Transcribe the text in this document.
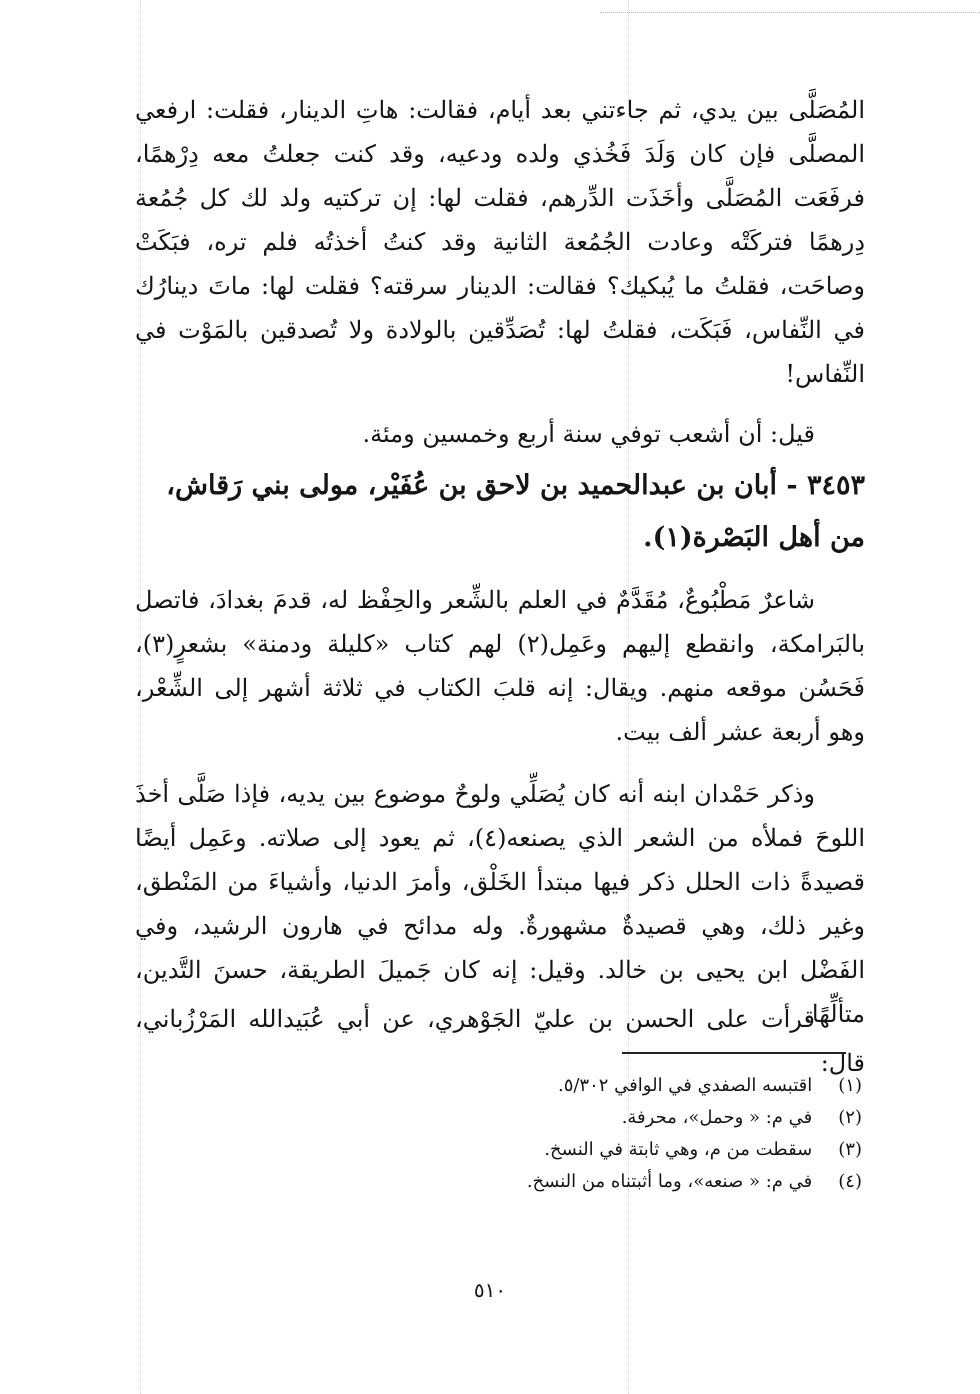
المُصَلَّى بين يدي، ثم جاءتني بعد أيام، فقالت: هاتِ الدينار، فقلت: ارفعي المصلَّى فإن كان وَلَدَ فَخُذي ولده ودعيه، وقد كنت جعلتُ معه دِرْهمًا، فرفَعَت المُصَلَّى وأخَذَت الدِّرهم، فقلت لها: إن تركتيه ولد لك كل جُمُعة دِرهمًا فتركَتْه وعادت الجُمُعة الثانية وقد كنتُ أخذتُه فلم تره، فبَكَتْ وصاحَت، فقلتُ ما يُبكيك؟ فقالت: الدينار سرقته؟ فقلت لها: ماتَ دينارُك في النِّفاس، فَبَكَت، فقلتُ لها: تُصَدِّقين بالولادة ولا تُصدقين بالمَوْت في النِّفاس!

قيل: أن أشعب توفي سنة أربع وخمسين ومئة.

٣٤٥٣ - أبان بن عبدالحميد بن لاحق بن عُفَيْر، مولى بني رَقاش، من أهل البَصْرة(١).

شاعرٌ مَطْبُوعٌ، مُقَدَّمٌ في العلم بالشِّعر والحِفْظ له، قدمَ بغدادَ، فاتصل بالبَرامكة، وانقطع إليهم وعَمِل(٢) لهم كتاب «كليلة ودمنة» بشعرٍ(٣)، فَحَسُن موقعه منهم. ويقال: إنه قلبَ الكتاب في ثلاثة أشهر إلى الشِّعْر، وهو أربعة عشر ألف بيت.

وذكر حَمْدان ابنه أنه كان يُصَلِّي ولوحٌ موضوع بين يديه، فإذا صَلَّى أخذَ اللوحَ فملأه من الشعر الذي يصنعه(٤)، ثم يعود إلى صلاته. وعَمِل أيضًا قصيدةً ذات الحلل ذكر فيها مبتدأ الخَلْق، وأمرَ الدنيا، وأشياءَ من المَنْطق، وغير ذلك، وهي قصيدةٌ مشهورةٌ. وله مدائح في هارون الرشيد، وفي الفَضْل ابن يحيى بن خالد. وقيل: إنه كان جَميلَ الطريقة، حسنَ التَّدين، متألِّهًا.

قرأت على الحسن بن عليّ الجَوْهري، عن أبي عُبَيدالله المَرْزُباني، قال:

(١) اقتبسه الصفدي في الوافي ٥/٣٠٢.
(٢) في م: « وحمل»، محرفة.
(٣) سقطت من م، وهي ثابتة في النسخ.
(٤) في م: « صنعه»، وما أثبتناه من النسخ.
٥١٠
